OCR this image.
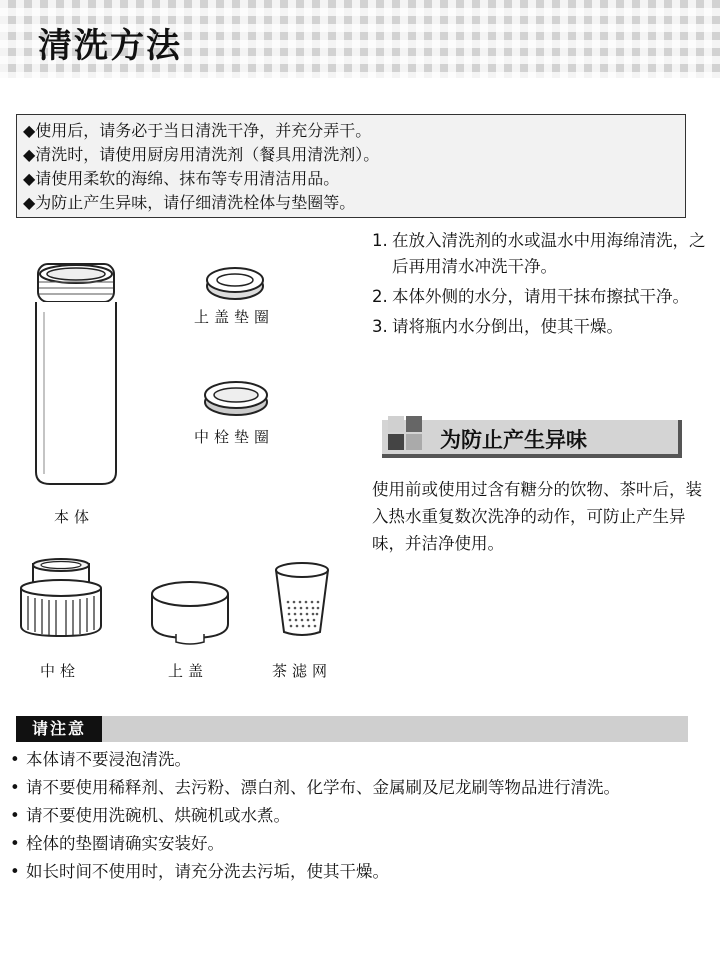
清洗方法
◆使用后，请务必于当日清洗干净，并充分弄干。
◆清洗时，请使用厨房用清洗剂（餐具用清洗剂）。
◆请使用柔软的海绵、抹布等专用清洁用品。
◆为防止产生异味，请仔细清洗栓体与垫圈等。
本体
上盖垫圈
中栓垫圈
中栓	上盖	茶滤网
1. 在放入清洗剂的水或温水中用海绵清洗，之后再用清水冲洗干净。
2. 本体外侧的水分，请用干抹布擦拭干净。
3. 请将瓶内水分倒出，使其干燥。
为防止产生异味
使用前或使用过含有糖分的饮物、茶叶后，装入热水重复数次洗净的动作，可防止产生异味，并洁净使用。
请注意
• 本体请不要浸泡清洗。
• 请不要使用稀释剂、去污粉、漂白剂、化学布、金属刷及尼龙刷等物品进行清洗。
• 请不要使用洗碗机、烘碗机或水煮。
• 栓体的垫圈请确实安装好。
• 如长时间不使用时，请充分洗去污垢，使其干燥。
